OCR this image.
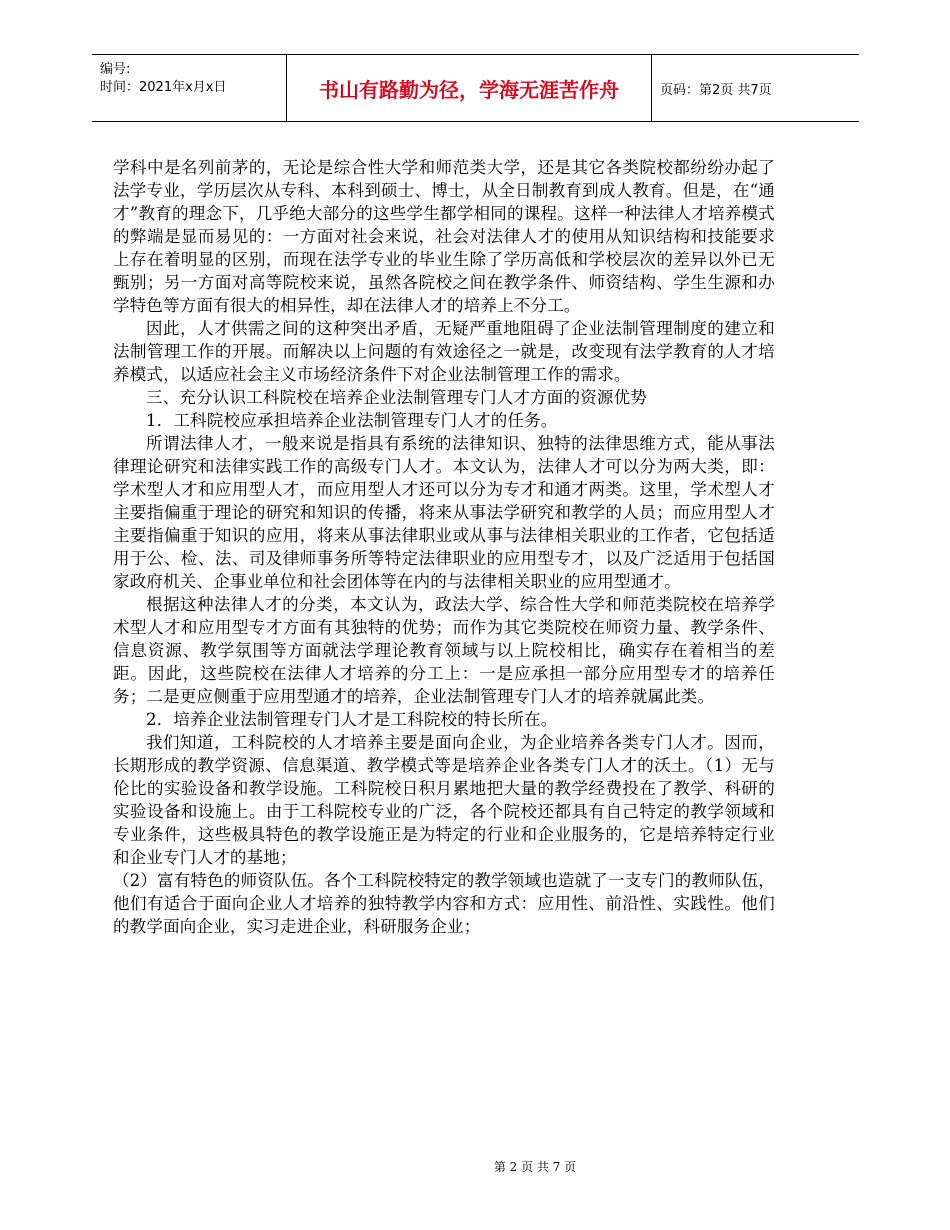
编号:
时间：2021年x月x日	书山有路勤为径，学海无涯苦作舟	页码：第2页 共7页

学科中是名列前茅的，无论是综合性大学和师范类大学，还是其它各类院校都纷纷办起了法学专业，学历层次从专科、本科到硕士、博士，从全日制教育到成人教育。但是，在“通才”教育的理念下，几乎绝大部分的这些学生都学相同的课程。这样一种法律人才培养模式的弊端是显而易见的：一方面对社会来说，社会对法律人才的使用从知识结构和技能要求上存在着明显的区别，而现在法学专业的毕业生除了学历高低和学校层次的差异以外已无甄别；另一方面对高等院校来说，虽然各院校之间在教学条件、师资结构、学生生源和办学特色等方面有很大的相异性，却在法律人才的培养上不分工。

因此，人才供需之间的这种突出矛盾，无疑严重地阻碍了企业法制管理制度的建立和法制管理工作的开展。而解决以上问题的有效途径之一就是，改变现有法学教育的人才培养模式，以适应社会主义市场经济条件下对企业法制管理工作的需求。

三、充分认识工科院校在培养企业法制管理专门人才方面的资源优势

1．工科院校应承担培养企业法制管理专门人才的任务。

所谓法律人才，一般来说是指具有系统的法律知识、独特的法律思维方式，能从事法律理论研究和法律实践工作的高级专门人才。本文认为，法律人才可以分为两大类，即：学术型人才和应用型人才，而应用型人才还可以分为专才和通才两类。这里，学术型人才主要指偏重于理论的研究和知识的传播，将来从事法学研究和教学的人员；而应用型人才主要指偏重于知识的应用，将来从事法律职业或从事与法律相关职业的工作者，它包括适用于公、检、法、司及律师事务所等特定法律职业的应用型专才，以及广泛适用于包括国家政府机关、企事业单位和社会团体等在内的与法律相关职业的应用型通才。

根据这种法律人才的分类，本文认为，政法大学、综合性大学和师范类院校在培养学术型人才和应用型专才方面有其独特的优势；而作为其它类院校在师资力量、教学条件、信息资源、教学氛围等方面就法学理论教育领域与以上院校相比，确实存在着相当的差距。因此，这些院校在法律人才培养的分工上：一是应承担一部分应用型专才的培养任务；二是更应侧重于应用型通才的培养，企业法制管理专门人才的培养就属此类。

2．培养企业法制管理专门人才是工科院校的特长所在。

我们知道，工科院校的人才培养主要是面向企业，为企业培养各类专门人才。因而，长期形成的教学资源、信息渠道、教学模式等是培养企业各类专门人才的沃土。（1）无与伦比的实验设备和教学设施。工科院校日积月累地把大量的教学经费投在了教学、科研的实验设备和设施上。由于工科院校专业的广泛，各个院校还都具有自己特定的教学领域和专业条件，这些极具特色的教学设施正是为特定的行业和企业服务的，它是培养特定行业和企业专门人才的基地；

（2）富有特色的师资队伍。各个工科院校特定的教学领域也造就了一支专门的教师队伍，他们有适合于面向企业人才培养的独特教学内容和方式：应用性、前沿性、实践性。他们的教学面向企业，实习走进企业，科研服务企业；

第 2 页 共 7 页
